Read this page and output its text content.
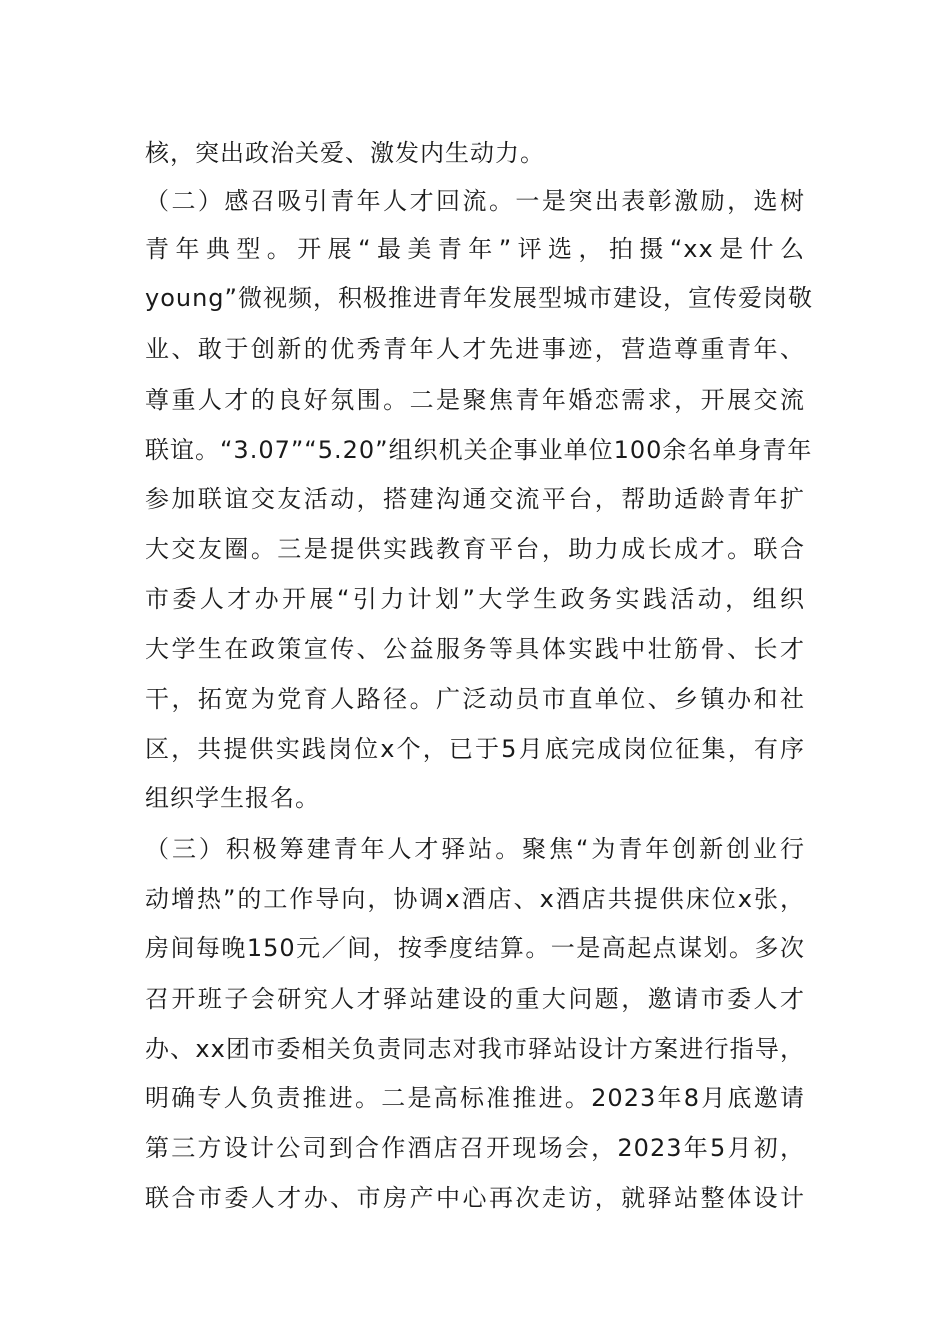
核，突出政治关爱、激发内生动力。
（二）感召吸引青年人才回流。一是突出表彰激励，选树
青年典型。开展“最美青年”评选，拍摄“xx是什么
young”微视频，积极推进青年发展型城市建设，宣传爱岗敬
业、敢于创新的优秀青年人才先进事迹，营造尊重青年、
尊重人才的良好氛围。二是聚焦青年婚恋需求，开展交流
联谊。“3.07”“5.20”组织机关企事业单位100余名单身青年
参加联谊交友活动，搭建沟通交流平台，帮助适龄青年扩
大交友圈。三是提供实践教育平台，助力成长成才。联合
市委人才办开展“引力计划”大学生政务实践活动，组织
大学生在政策宣传、公益服务等具体实践中壮筋骨、长才
干，拓宽为党育人路径。广泛动员市直单位、乡镇办和社
区，共提供实践岗位x个，已于5月底完成岗位征集，有序
组织学生报名。
（三）积极筹建青年人才驿站。聚焦“为青年创新创业行
动增热”的工作导向，协调x酒店、x酒店共提供床位x张，
房间每晚150元／间，按季度结算。一是高起点谋划。多次
召开班子会研究人才驿站建设的重大问题，邀请市委人才
办、xx团市委相关负责同志对我市驿站设计方案进行指导，
明确专人负责推进。二是高标准推进。2023年8月底邀请
第三方设计公司到合作酒店召开现场会，2023年5月初，
联合市委人才办、市房产中心再次走访，就驿站整体设计
